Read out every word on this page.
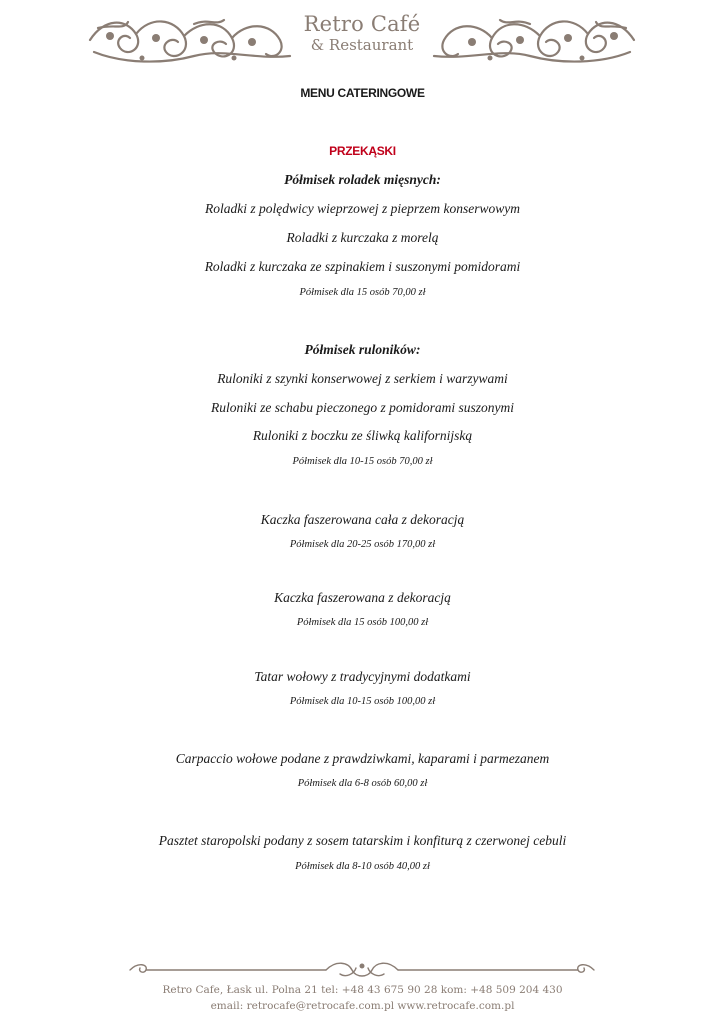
Retro Café
& Restaurant
MENU CATERINGOWE
PRZEKĄSKI
Półmisek roladek mięsnych:
Roladki z polędwicy wieprzowej z pieprzem konserwowym
Roladki z kurczaka z morelą
Roladki z kurczaka ze szpinakiem i suszonymi pomidorami
Półmisek dla 15 osób 70,00 zł
Półmisek ruloników:
Ruloniki z szynki konserwowej z serkiem i warzywami
Ruloniki ze schabu pieczonego z pomidorami suszonymi
Ruloniki z boczku ze śliwką kalifornijską
Półmisek dla 10-15 osób 70,00 zł
Kaczka faszerowana cała z dekoracją
Półmisek dla 20-25 osób 170,00 zł
Kaczka faszerowana z dekoracją
Półmisek dla 15 osób 100,00 zł
Tatar wołowy z tradycyjnymi dodatkami
Półmisek dla 10-15 osób 100,00 zł
Carpaccio wołowe podane z prawdziwkami, kaparami i parmezanem
Półmisek dla 6-8 osób 60,00 zł
Pasztet staropolski podany z sosem tatarskim i konfiturą z czerwonej cebuli
Półmisek dla 8-10 osób 40,00 zł
Retro Cafe, Łask ul. Polna 21 tel: +48 43 675 90 28 kom: +48 509 204 430
email: retrocafe@retrocafe.com.pl www.retrocafe.com.pl
